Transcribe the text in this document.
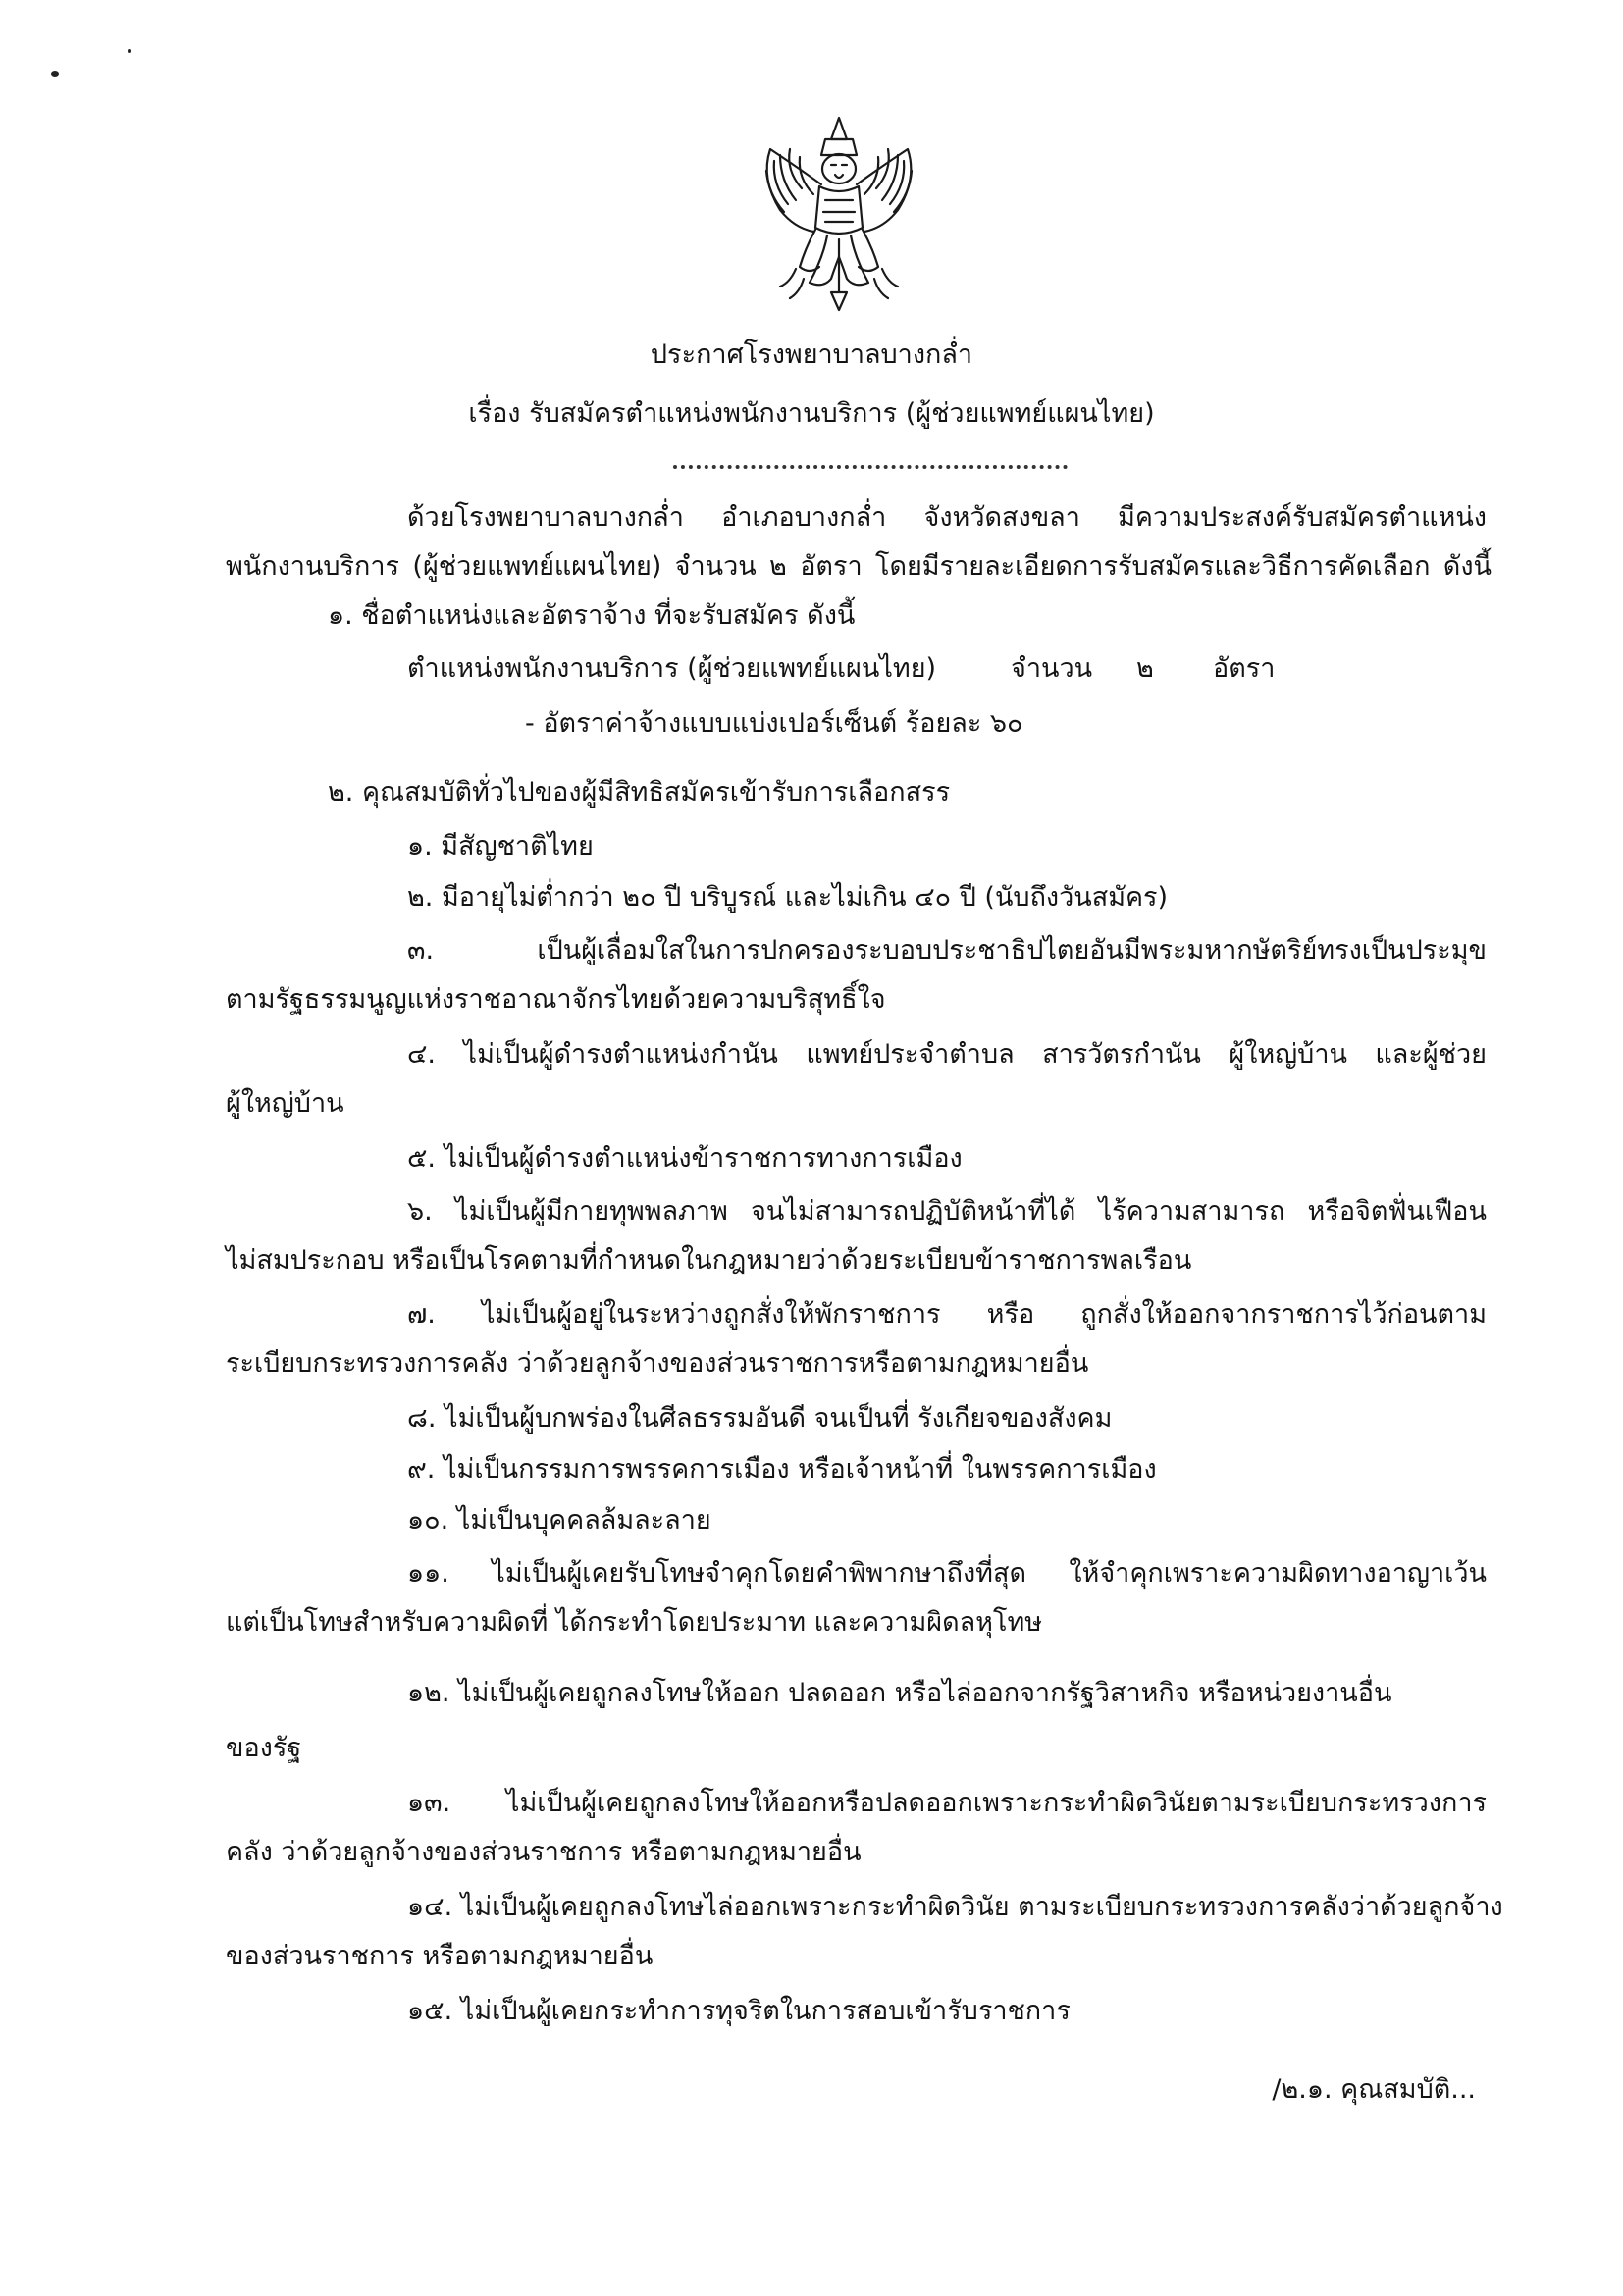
ประกาศโรงพยาบาลบางกล่ำ
เรื่อง รับสมัครตำแหน่งพนักงานบริการ (ผู้ช่วยแพทย์แผนไทย)
ด้วยโรงพยาบาลบางกล่ำ อำเภอบางกล่ำ จังหวัดสงขลา มีความประสงค์รับสมัครตำแหน่ง
พนักงานบริการ (ผู้ช่วยแพทย์แผนไทย) จำนวน ๒ อัตรา โดยมีรายละเอียดการรับสมัครและวิธีการคัดเลือก ดังนี้
๑. ชื่อตำแหน่งและอัตราจ้าง ที่จะรับสมัคร ดังนี้
ตำแหน่งพนักงานบริการ (ผู้ช่วยแพทย์แผนไทย)	จำนวน ๒ อัตรา
- อัตราค่าจ้างแบบแบ่งเปอร์เซ็นต์ ร้อยละ ๖๐
๒. คุณสมบัติทั่วไปของผู้มีสิทธิสมัครเข้ารับการเลือกสรร
๑. มีสัญชาติไทย
๒. มีอายุไม่ต่ำกว่า ๒๐ ปี บริบูรณ์ และไม่เกิน ๔๐ ปี (นับถึงวันสมัคร)
๓. เป็นผู้เลื่อมใสในการปกครองระบอบประชาธิปไตยอันมีพระมหากษัตริย์ทรงเป็นประมุข
ตามรัฐธรรมนูญแห่งราชอาณาจักรไทยด้วยความบริสุทธิ์ใจ
๔. ไม่เป็นผู้ดำรงตำแหน่งกำนัน แพทย์ประจำตำบล สารวัตรกำนัน ผู้ใหญ่บ้าน และผู้ช่วย
ผู้ใหญ่บ้าน
๕. ไม่เป็นผู้ดำรงตำแหน่งข้าราชการทางการเมือง
๖. ไม่เป็นผู้มีกายทุพพลภาพ จนไม่สามารถปฏิบัติหน้าที่ได้ ไร้ความสามารถ หรือจิตฟั่นเฟือน
ไม่สมประกอบ หรือเป็นโรคตามที่กำหนดในกฎหมายว่าด้วยระเบียบข้าราชการพลเรือน
๗. ไม่เป็นผู้อยู่ในระหว่างถูกสั่งให้พักราชการ หรือ ถูกสั่งให้ออกจากราชการไว้ก่อนตาม
ระเบียบกระทรวงการคลัง ว่าด้วยลูกจ้างของส่วนราชการหรือตามกฎหมายอื่น
๘. ไม่เป็นผู้บกพร่องในศีลธรรมอันดี จนเป็นที่ รังเกียจของสังคม
๙. ไม่เป็นกรรมการพรรคการเมือง หรือเจ้าหน้าที่ ในพรรคการเมือง
๑๐. ไม่เป็นบุคคลล้มละลาย
๑๑. ไม่เป็นผู้เคยรับโทษจำคุกโดยคำพิพากษาถึงที่สุด ให้จำคุกเพราะความผิดทางอาญาเว้น
แต่เป็นโทษสำหรับความผิดที่ ได้กระทำโดยประมาท และความผิดลหุโทษ
๑๒. ไม่เป็นผู้เคยถูกลงโทษให้ออก ปลดออก หรือไล่ออกจากรัฐวิสาหกิจ หรือหน่วยงานอื่น
ของรัฐ
๑๓. ไม่เป็นผู้เคยถูกลงโทษให้ออกหรือปลดออกเพราะกระทำผิดวินัยตามระเบียบกระทรวงการ
คลัง ว่าด้วยลูกจ้างของส่วนราชการ หรือตามกฎหมายอื่น
๑๔. ไม่เป็นผู้เคยถูกลงโทษไล่ออกเพราะกระทำผิดวินัย ตามระเบียบกระทรวงการคลังว่าด้วยลูกจ้าง
ของส่วนราชการ หรือตามกฎหมายอื่น
๑๕. ไม่เป็นผู้เคยกระทำการทุจริตในการสอบเข้ารับราชการ
/๒.๑. คุณสมบัติ...
